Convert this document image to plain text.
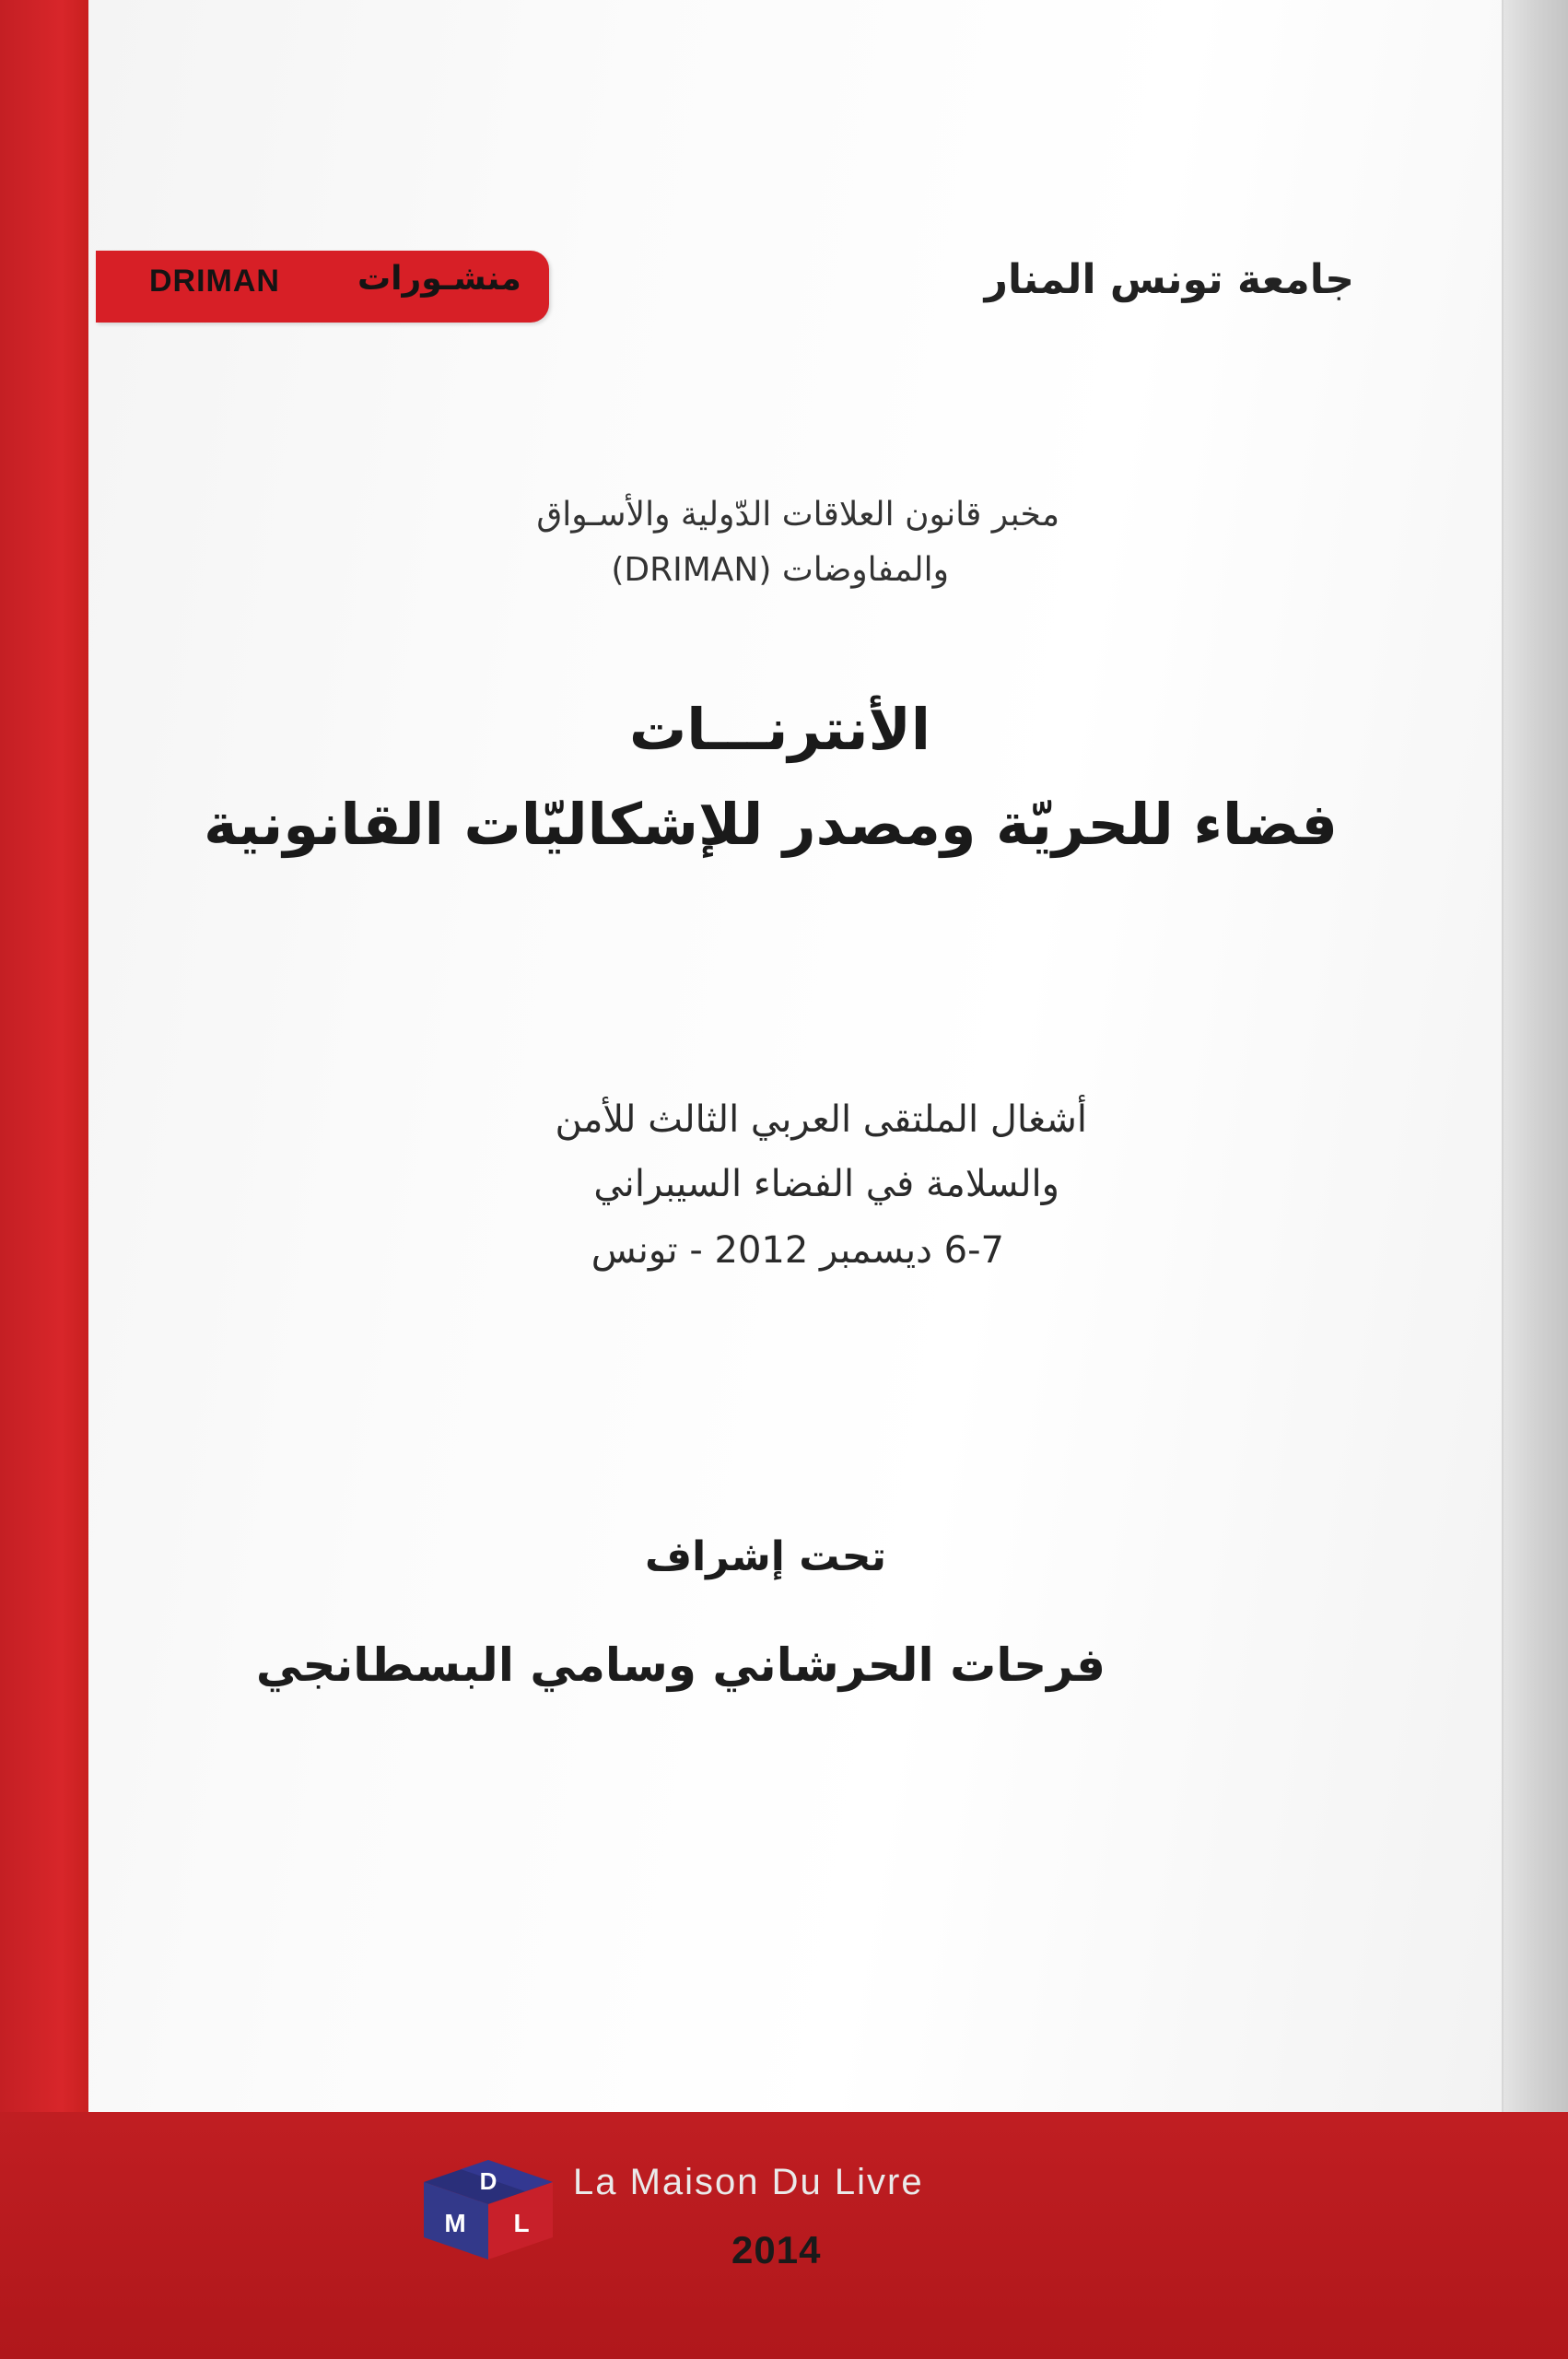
جامعة تونس المنار
DRIMAN منشـورات
مخبر قانون العلاقات الدّولية والأسـواق
والمفاوضات (DRIMAN)
الأنترنـــات
فضاء للحريّة ومصدر للإشكاليّات القانونية
أشغال الملتقى العربي الثالث للأمن
والسلامة في الفضاء السيبراني
6-7 ديسمبر 2012 - تونس
تحت إشراف
فرحات الحرشاني وسامي البسطانجي
D
M L
La Maison Du Livre
2014
